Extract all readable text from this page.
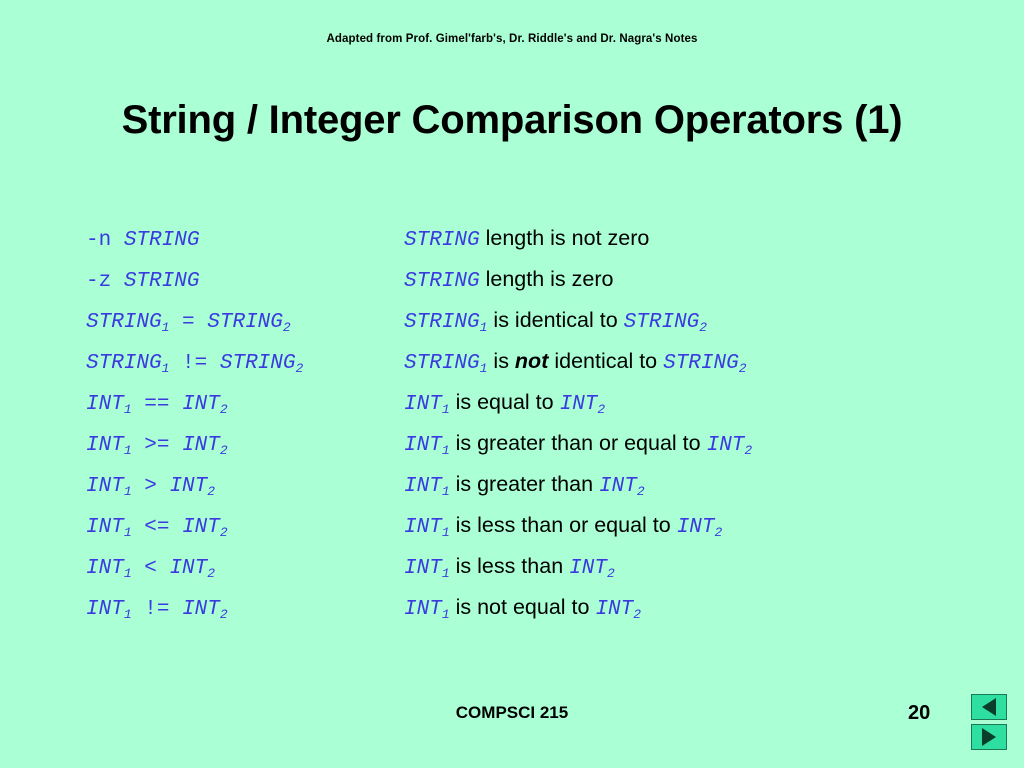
Adapted from Prof. Gimel'farb's, Dr. Riddle's and Dr. Nagra's Notes
String / Integer Comparison Operators (1)
-n STRING	STRING length is not zero
-z STRING	STRING length is zero
$STRING_1$ = $STRING_2$	$STRING_1$ is identical to $STRING_2$
$STRING_1$ != $STRING_2$	$STRING_1$ is not identical to $STRING_2$
$INT_1 == INT_2$	$INT_1$ is equal to $INT_2$
$INT_1 >= INT_2$	$INT_1$ is greater than or equal to $INT_2$
$INT_1 > INT_2$	$INT_1$ is greater than $INT_2$
$INT_1 <= INT_2$	$INT_1$ is less than or equal to $INT_2$
$INT_1 < INT_2$	$INT_1$ is less than $INT_2$
$INT_1$ != $INT_2$	$INT_1$ is not equal to $INT_2$
COMPSCI 215	20
